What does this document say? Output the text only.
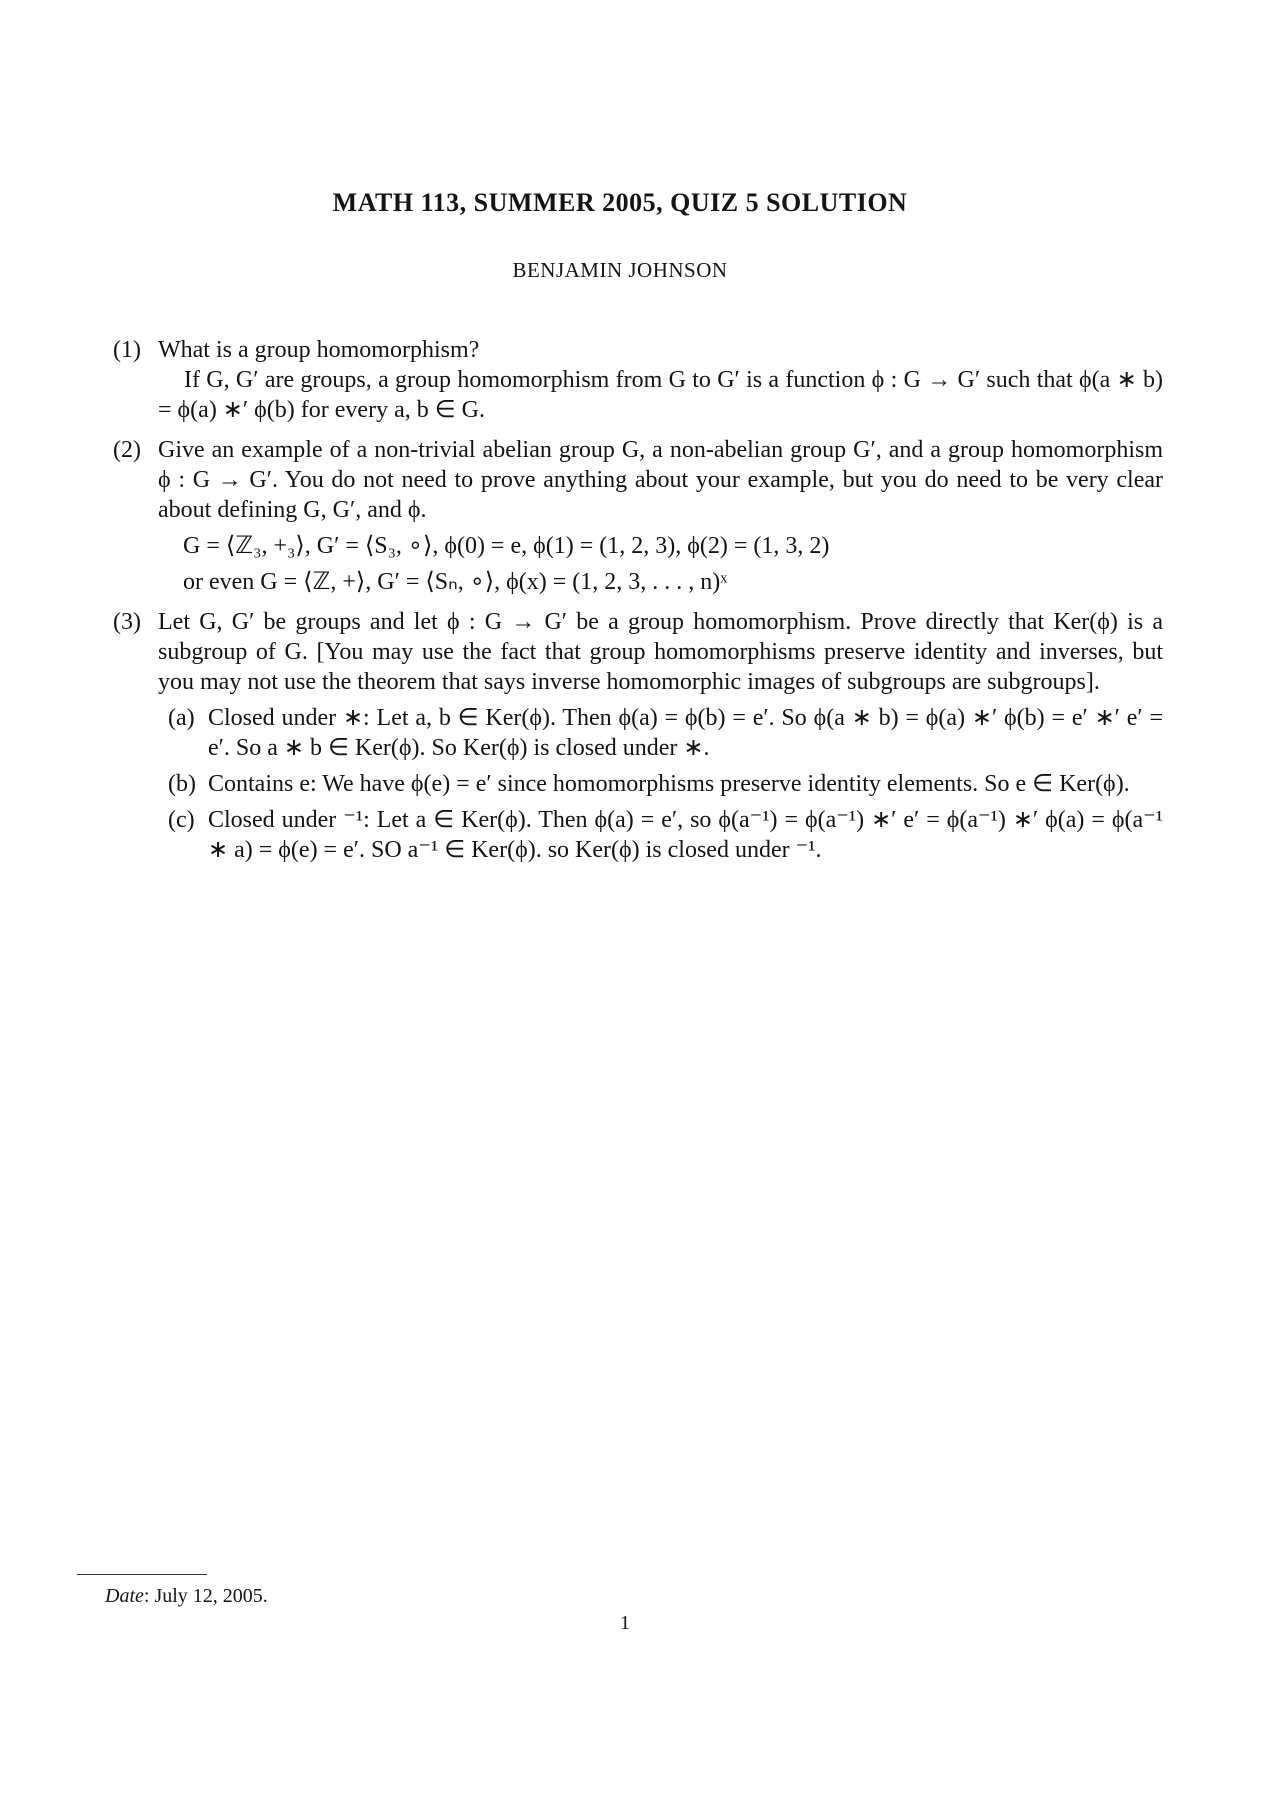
MATH 113, SUMMER 2005, QUIZ 5 SOLUTION
BENJAMIN JOHNSON
(1) What is a group homomorphism?
If G, G′ are groups, a group homomorphism from G to G′ is a function ϕ : G → G′ such that ϕ(a ∗ b) = ϕ(a) ∗′ ϕ(b) for every a, b ∈ G.
(2) Give an example of a non-trivial abelian group G, a non-abelian group G′, and a group homomorphism ϕ : G → G′. You do not need to prove anything about your example, but you do need to be very clear about defining G, G′, and ϕ.
G = ⟨ℤ₃, +₃⟩, G′ = ⟨S₃, ∘⟩, ϕ(0) = e, ϕ(1) = (1, 2, 3), ϕ(2) = (1, 3, 2)
or even G = ⟨ℤ, +⟩, G′ = ⟨Sₙ, ∘⟩, ϕ(x) = (1, 2, 3, . . . , n)ˣ
(3) Let G, G′ be groups and let ϕ : G → G′ be a group homomorphism. Prove directly that Ker(ϕ) is a subgroup of G. [You may use the fact that group homomorphisms preserve identity and inverses, but you may not use the theorem that says inverse homomorphic images of subgroups are subgroups].
(a) Closed under ∗: Let a, b ∈ Ker(ϕ). Then ϕ(a) = ϕ(b) = e′. So ϕ(a ∗ b) = ϕ(a) ∗′ ϕ(b) = e′ ∗′ e′ = e′. So a ∗ b ∈ Ker(ϕ). So Ker(ϕ) is closed under ∗.
(b) Contains e: We have ϕ(e) = e′ since homomorphisms preserve identity elements. So e ∈ Ker(ϕ).
(c) Closed under ⁻¹: Let a ∈ Ker(ϕ). Then ϕ(a) = e′, so ϕ(a⁻¹) = ϕ(a⁻¹) ∗′ e′ = ϕ(a⁻¹) ∗′ ϕ(a) = ϕ(a⁻¹ ∗ a) = ϕ(e) = e′. SO a⁻¹ ∈ Ker(ϕ). so Ker(ϕ) is closed under ⁻¹.
Date: July 12, 2005.
1
